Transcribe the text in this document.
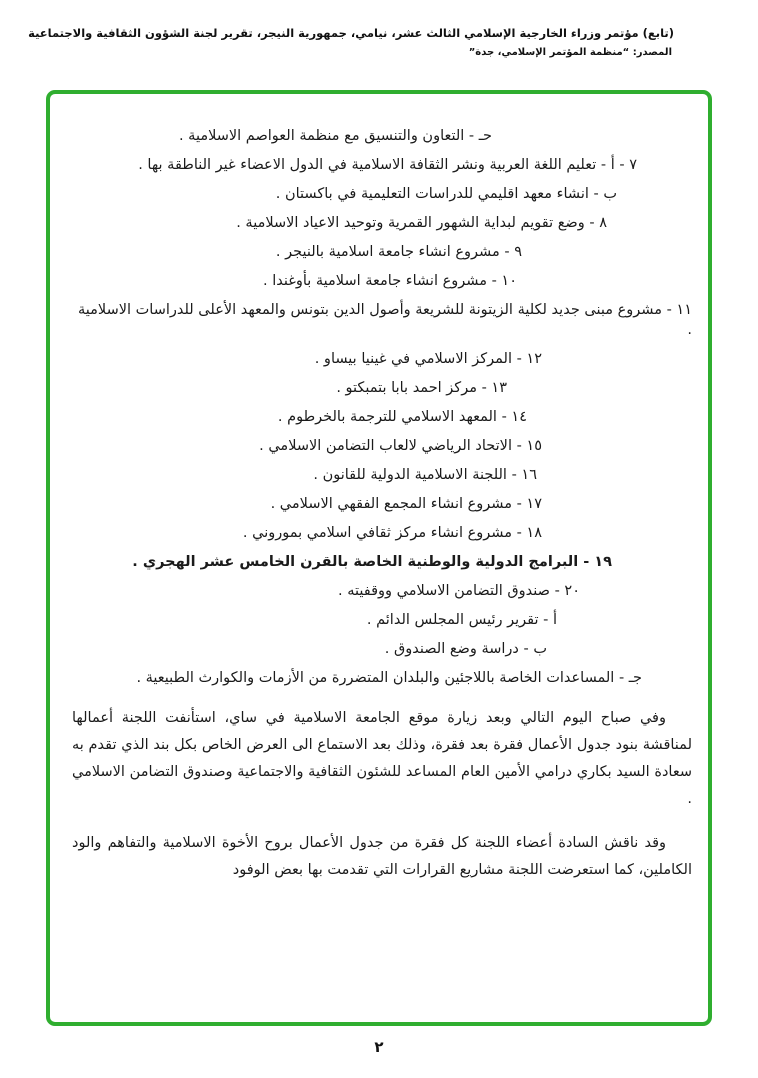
(تابع) مؤتمر وزراء الخارجية الإسلامي الثالث عشر، نيامي، جمهورية النيجر، تقرير لجنة الشؤون الثقافية والاجتماعية
المصدر: “منظمة المؤتمر الإسلامي، جدة”
حـ - التعاون والتنسيق مع منظمة العواصم الاسلامية .
٧ - أ - تعليم اللغة العربية ونشر الثقافة الاسلامية في الدول الاعضاء غير الناطقة بها .
ب - انشاء معهد اقليمي للدراسات التعليمية في باكستان .
٨ - وضع تقويم لبداية الشهور القمرية وتوحيد الاعياد الاسلامية .
٩ - مشروع انشاء جامعة اسلامية بالنيجر .
١٠ - مشروع انشاء جامعة اسلامية بأوغندا .
١١ - مشروع مبنى جديد لكلية الزيتونة للشريعة وأصول الدين بتونس والمعهد الأعلى للدراسات الاسلامية .
١٢ - المركز الاسلامي في غينيا بيساو .
١٣ - مركز احمد بابا بتمبكتو .
١٤ - المعهد الاسلامي للترجمة بالخرطوم .
١٥ - الاتحاد الرياضي لالعاب التضامن الاسلامي .
١٦ - اللجنة الاسلامية الدولية للقانون .
١٧ - مشروع انشاء المجمع الفقهي الاسلامي .
١٨ - مشروع انشاء مركز ثقافي اسلامي بموروني .
١٩ - البرامج الدولية والوطنية الخاصة بالقرن الخامس عشر الهجري .
٢٠ - صندوق التضامن الاسلامي ووقفيته .
أ - تقرير رئيس المجلس الدائم .
ب - دراسة وضع الصندوق .
جـ - المساعدات الخاصة باللاجئين والبلدان المتضررة من الأزمات والكوارث الطبيعية .
وفي صباح اليوم التالي وبعد زيارة موقع الجامعة الاسلامية في ساي، استأنفت اللجنة أعمالها لمناقشة بنود جدول الأعمال فقرة بعد فقرة، وذلك بعد الاستماع الى العرض الخاص بكل بند الذي تقدم به سعادة السيد بكاري درامي الأمين العام المساعد للشئون الثقافية والاجتماعية وصندوق التضامن الاسلامي .
وقد ناقش السادة أعضاء اللجنة كل فقرة من جدول الأعمال بروح الأخوة الاسلامية والتفاهم والود الكاملين، كما استعرضت اللجنة مشاريع القرارات التي تقدمت بها بعض الوفود
٢
